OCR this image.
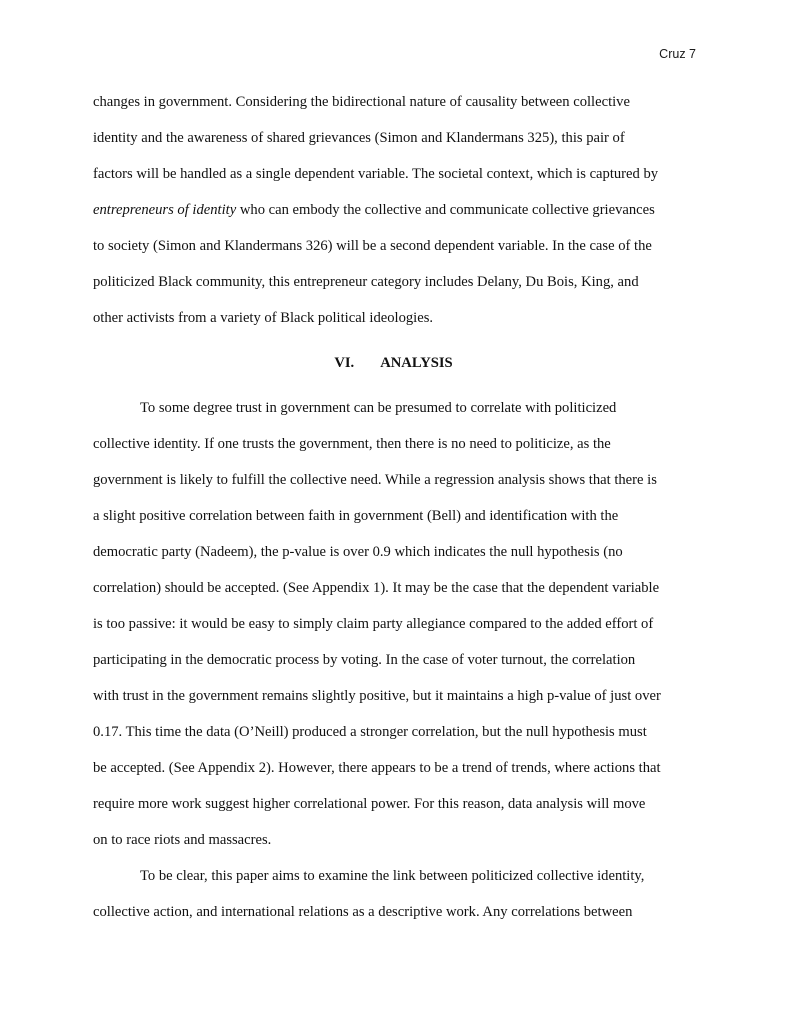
Cruz 7
changes in government. Considering the bidirectional nature of causality between collective
identity and the awareness of shared grievances (Simon and Klandermans 325), this pair of
factors will be handled as a single dependent variable. The societal context, which is captured by
entrepreneurs of identity who can embody the collective and communicate collective grievances
to society (Simon and Klandermans 326) will be a second dependent variable. In the case of the
politicized Black community, this entrepreneur category includes Delany, Du Bois, King, and
other activists from a variety of Black political ideologies.
VI. ANALYSIS
To some degree trust in government can be presumed to correlate with politicized
collective identity. If one trusts the government, then there is no need to politicize, as the
government is likely to fulfill the collective need. While a regression analysis shows that there is
a slight positive correlation between faith in government (Bell) and identification with the
democratic party (Nadeem), the p-value is over 0.9 which indicates the null hypothesis (no
correlation) should be accepted. (See Appendix 1). It may be the case that the dependent variable
is too passive: it would be easy to simply claim party allegiance compared to the added effort of
participating in the democratic process by voting. In the case of voter turnout, the correlation
with trust in the government remains slightly positive, but it maintains a high p-value of just over
0.17. This time the data (O’Neill) produced a stronger correlation, but the null hypothesis must
be accepted. (See Appendix 2). However, there appears to be a trend of trends, where actions that
require more work suggest higher correlational power. For this reason, data analysis will move
on to race riots and massacres.
To be clear, this paper aims to examine the link between politicized collective identity,
collective action, and international relations as a descriptive work. Any correlations between
